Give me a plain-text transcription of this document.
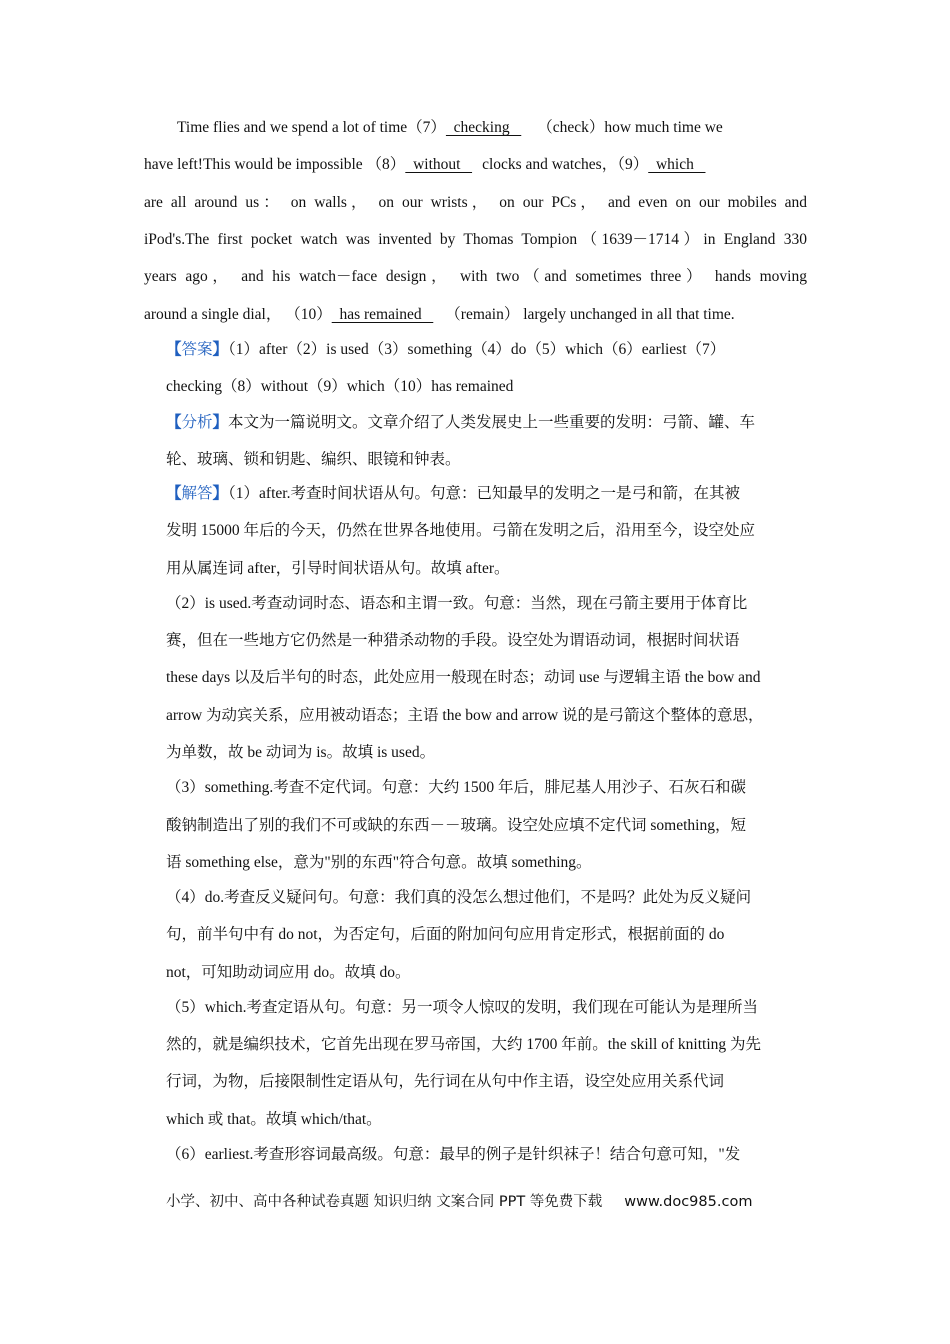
Time flies and we spend a lot of time（7）  checking   （check）how much time we
have left!This would be impossible （8）  without   clocks and watches，（9）  which
are all around us： on walls， on our wrists， on our PCs， and even on our mobiles and
iPod's.The first pocket watch was invented by Thomas Tompion（1639－1714）in England 330
years ago， and his watch－face design， with two（and sometimes three） hands moving
around a single dial， （10）  has remained   （remain） largely unchanged in all that time.
【答案】（1）after（2）is used（3）something（4）do（5）which（6）earliest（7）
checking（8）without（9）which（10）has remained
【分析】本文为一篇说明文。文章介绍了人类发展史上一些重要的发明：弓箭、罐、车
轮、玻璃、锁和钥匙、编织、眼镜和钟表。
【解答】（1）after.考查时间状语从句。句意：已知最早的发明之一是弓和箭，在其被
发明 15000 年后的今天，仍然在世界各地使用。弓箭在发明之后，沿用至今，设空处应
用从属连词 after，引导时间状语从句。故填 after。
（2）is used.考查动词时态、语态和主谓一致。句意：当然，现在弓箭主要用于体育比
赛，但在一些地方它仍然是一种猎杀动物的手段。设空处为谓语动词，根据时间状语
these days 以及后半句的时态，此处应用一般现在时态；动词 use 与逻辑主语 the bow and
arrow 为动宾关系，应用被动语态；主语 the bow and arrow 说的是弓箭这个整体的意思，
为单数，故 be 动词为 is。故填 is used。
（3）something.考查不定代词。句意：大约 1500 年后，腓尼基人用沙子、石灰石和碳
酸钠制造出了别的我们不可或缺的东西－－玻璃。设空处应填不定代词 something，短
语 something else，意为"别的东西"符合句意。故填 something。
（4）do.考查反义疑问句。句意：我们真的没怎么想过他们，不是吗？此处为反义疑问
句，前半句中有 do not，为否定句，后面的附加问句应用肯定形式，根据前面的 do
not，可知助动词应用 do。故填 do。
（5）which.考查定语从句。句意：另一项令人惊叹的发明，我们现在可能认为是理所当
然的，就是编织技术，它首先出现在罗马帝国，大约 1700 年前。the skill of knitting 为先
行词，为物，后接限制性定语从句，先行词在从句中作主语，设空处应用关系代词
which 或 that。故填 which/that。
（6）earliest.考查形容词最高级。句意：最早的例子是针织袜子！结合句意可知，"发
小学、初中、高中各种试卷真题 知识归纳 文案合同 PPT 等免费下载 www.doc985.com
